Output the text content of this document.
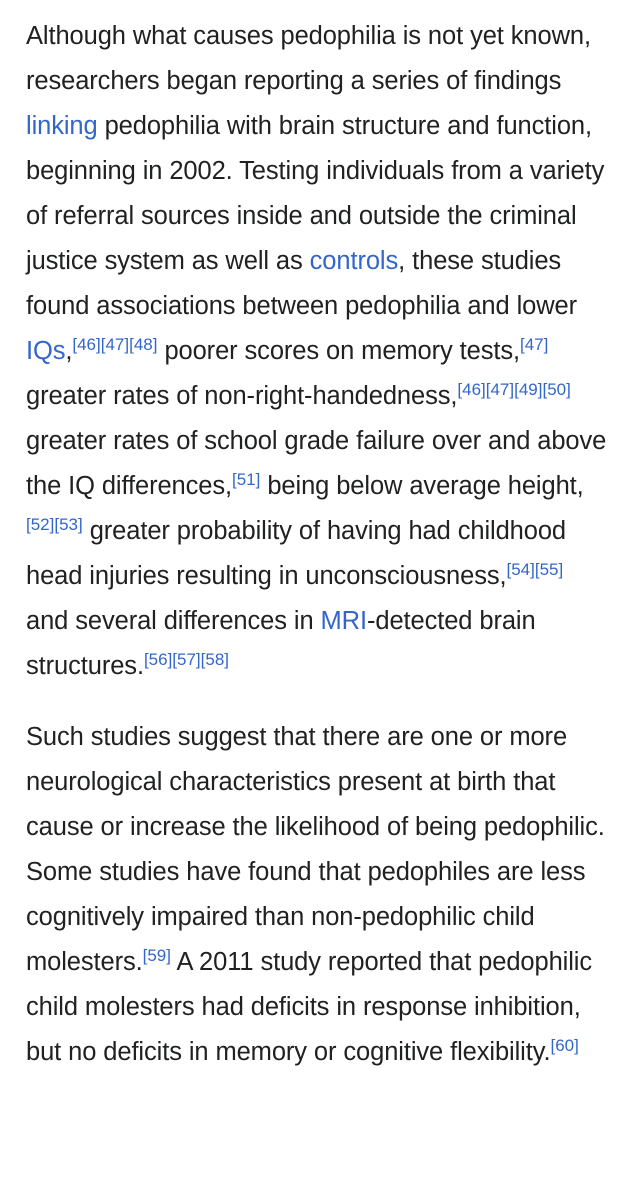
Although what causes pedophilia is not yet known, researchers began reporting a series of findings linking pedophilia with brain structure and function, beginning in 2002. Testing individuals from a variety of referral sources inside and outside the criminal justice system as well as controls, these studies found associations between pedophilia and lower IQs,[46][47][48] poorer scores on memory tests,[47] greater rates of non-right-handedness,[46][47][49][50] greater rates of school grade failure over and above the IQ differences,[51] being below average height,[52][53] greater probability of having had childhood head injuries resulting in unconsciousness,[54][55] and several differences in MRI-detected brain structures.[56][57][58]

Such studies suggest that there are one or more neurological characteristics present at birth that cause or increase the likelihood of being pedophilic. Some studies have found that pedophiles are less cognitively impaired than non-pedophilic child molesters.[59] A 2011 study reported that pedophilic child molesters had deficits in response inhibition, but no deficits in memory or cognitive flexibility.[60]
